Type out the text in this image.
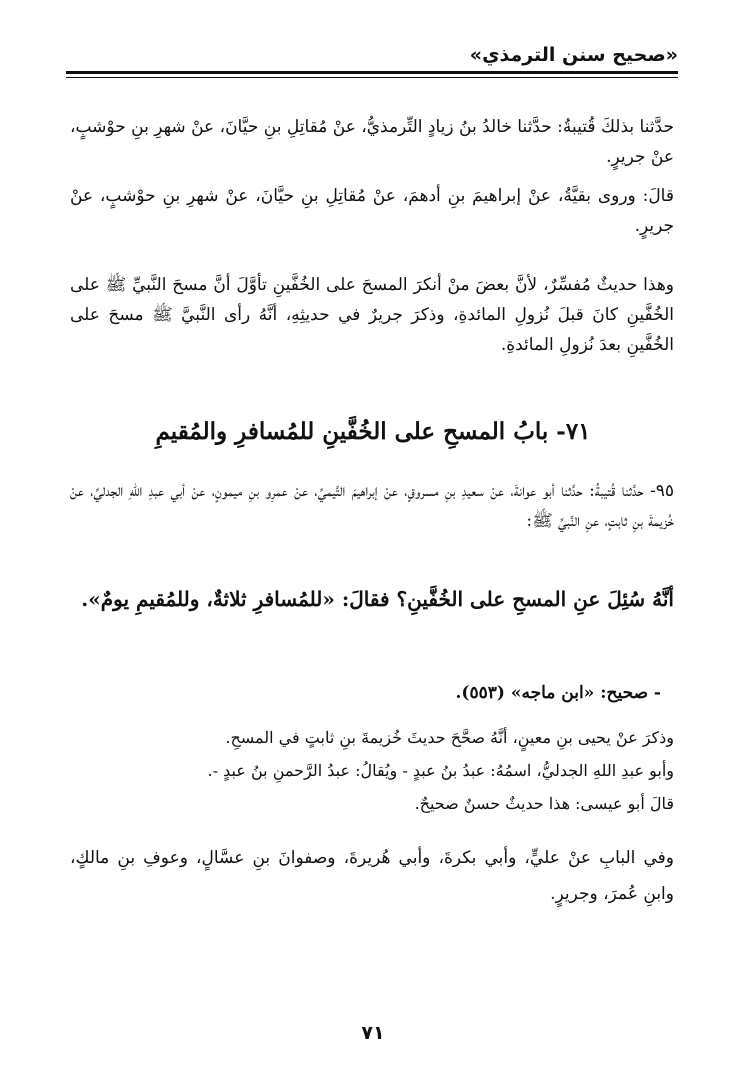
«صحيح سنن الترمذي»

حدَّثنا بذلكَ قُتيبةُ: حدَّثنا خالدُ بنُ زيادٍ التِّرمذيُّ، عنْ مُقاتِلِ بنِ حيَّانَ، عنْ شهرِ بنِ حوْشبٍ، عنْ جريرٍ.

قالَ: وروى بقيَّةُ، عنْ إبراهيمَ بنِ أدهمَ، عنْ مُقاتِلِ بنِ حيَّانَ، عنْ شهرِ بنِ حوْشبٍ، عنْ جريرٍ.

وهذا حديثٌ مُفسِّرٌ، لأنَّ بعضَ منْ أنكرَ المسحَ على الخُفَّينِ تأوَّلَ أنَّ مسحَ النَّبيِّ ﷺ على الخُفَّينِ كانَ قبلَ نُزولِ المائدةِ، وذكرَ جريرٌ في حديثِهِ، أنَّهُ رأى النَّبيَّ ﷺ مسحَ على الخُفَّينِ بعدَ نُزولِ المائدةِ.

٧١- بابُ المسحِ على الخُفَّينِ للمُسافرِ والمُقيمِ

٩٥- حدَّثنا قُتيبةُ: حدَّثنا أبو عوانةَ، عنْ سعيدِ بنِ مسروقٍ، عنْ إبراهيمَ التَّيميِّ، عنْ عمرِو بنِ ميمونٍ، عنْ أبي عبدِ اللهِ الجدليِّ، عنْ خُزيمةَ بنِ ثابتٍ، عنِ النَّبيِّ ﷺ:

أنَّهُ سُئِلَ عنِ المسحِ على الخُفَّينِ؟ فقالَ: «للمُسافرِ ثلاثةٌ، وللمُقيمِ يومٌ».

- صحيح: «ابن ماجه» (٥٥٣).

وذكرَ عنْ يحيى بنِ معينٍ، أنَّهُ صحَّحَ حديثَ خُزيمةَ بنِ ثابتٍ في المسحِ.

وأبو عبدِ اللهِ الجدليُّ، اسمُهُ: عبدُ بنُ عبدٍ - ويُقالُ: عبدُ الرَّحمنِ بنُ عبدٍ -.

قالَ أبو عيسى: هذا حديثٌ حسنٌ صحيحٌ.

وفي البابِ عنْ عليٍّ، وأبي بكرةَ، وأبي هُريرةَ، وصفوانَ بنِ عسَّالٍ، وعوفِ بنِ مالكٍ، وابنِ عُمرَ، وجريرٍ.

٧١
